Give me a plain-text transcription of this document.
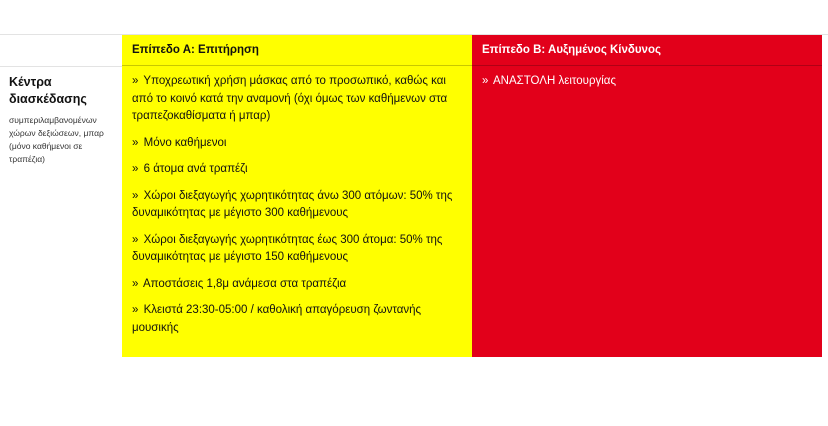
Κέντρα διασκέδασης
συμπεριλαμβανομένων χώρων δεξιώσεων, μπαρ (μόνο καθήμενοι σε τραπέζια)
Επίπεδο Α: Επιτήρηση
» Υποχρεωτική χρήση μάσκας από το προσωπικό, καθώς και από το κοινό κατά την αναμονή (όχι όμως των καθήμενων στα τραπεζοκαθίσματα ή μπαρ)
» Μόνο καθήμενοι
» 6 άτομα ανά τραπέζι
» Χώροι διεξαγωγής χωρητικότητας άνω 300 ατόμων: 50% της δυναμικότητας με μέγιστο 300 καθήμενους
» Χώροι διεξαγωγής χωρητικότητας έως 300 άτομα: 50% της δυναμικότητας με μέγιστο 150 καθήμενους
» Αποστάσεις 1,8μ ανάμεσα στα τραπέζια
» Κλειστά 23:30-05:00 / καθολική απαγόρευση ζωντανής μουσικής
Επίπεδο Β: Αυξημένος Κίνδυνος
» ΑΝΑΣΤΟΛΗ λειτουργίας
